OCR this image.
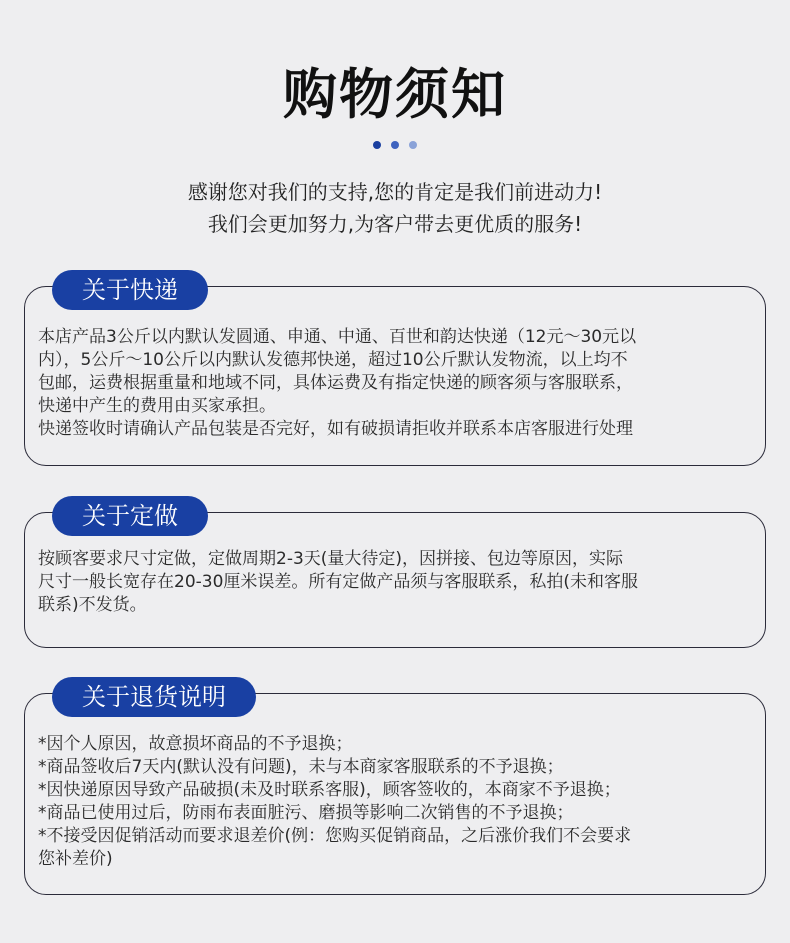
购物须知

感谢您对我们的支持,您的肯定是我们前进动力!
我们会更加努力,为客户带去更优质的服务!
关于快递

本店产品3公斤以内默认发圆通、申通、中通、百世和韵达快递（12元～30元以

内），5公斤～10公斤以内默认发德邦快递，超过10公斤默认发物流，以上均不

包邮，运费根据重量和地域不同，具体运费及有指定快递的顾客须与客服联系，

快递中产生的费用由买家承担。

快递签收时请确认产品包装是否完好，如有破损请拒收并联系本店客服进行处理

关于定做

按顾客要求尺寸定做，定做周期2-3天(量大待定)，因拼接、包边等原因，实际

尺寸一般长宽存在20-30厘米误差。所有定做产品须与客服联系，私拍(未和客服

联系)不发货。

关于退货说明

*因个人原因，故意损坏商品的不予退换；

*商品签收后7天内(默认没有问题)，未与本商家客服联系的不予退换；

*因快递原因导致产品破损(未及时联系客服)，顾客签收的，本商家不予退换；

*商品已使用过后，防雨布表面脏污、磨损等影响二次销售的不予退换；

*不接受因促销活动而要求退差价(例：您购买促销商品，之后涨价我们不会要求

您补差价)
